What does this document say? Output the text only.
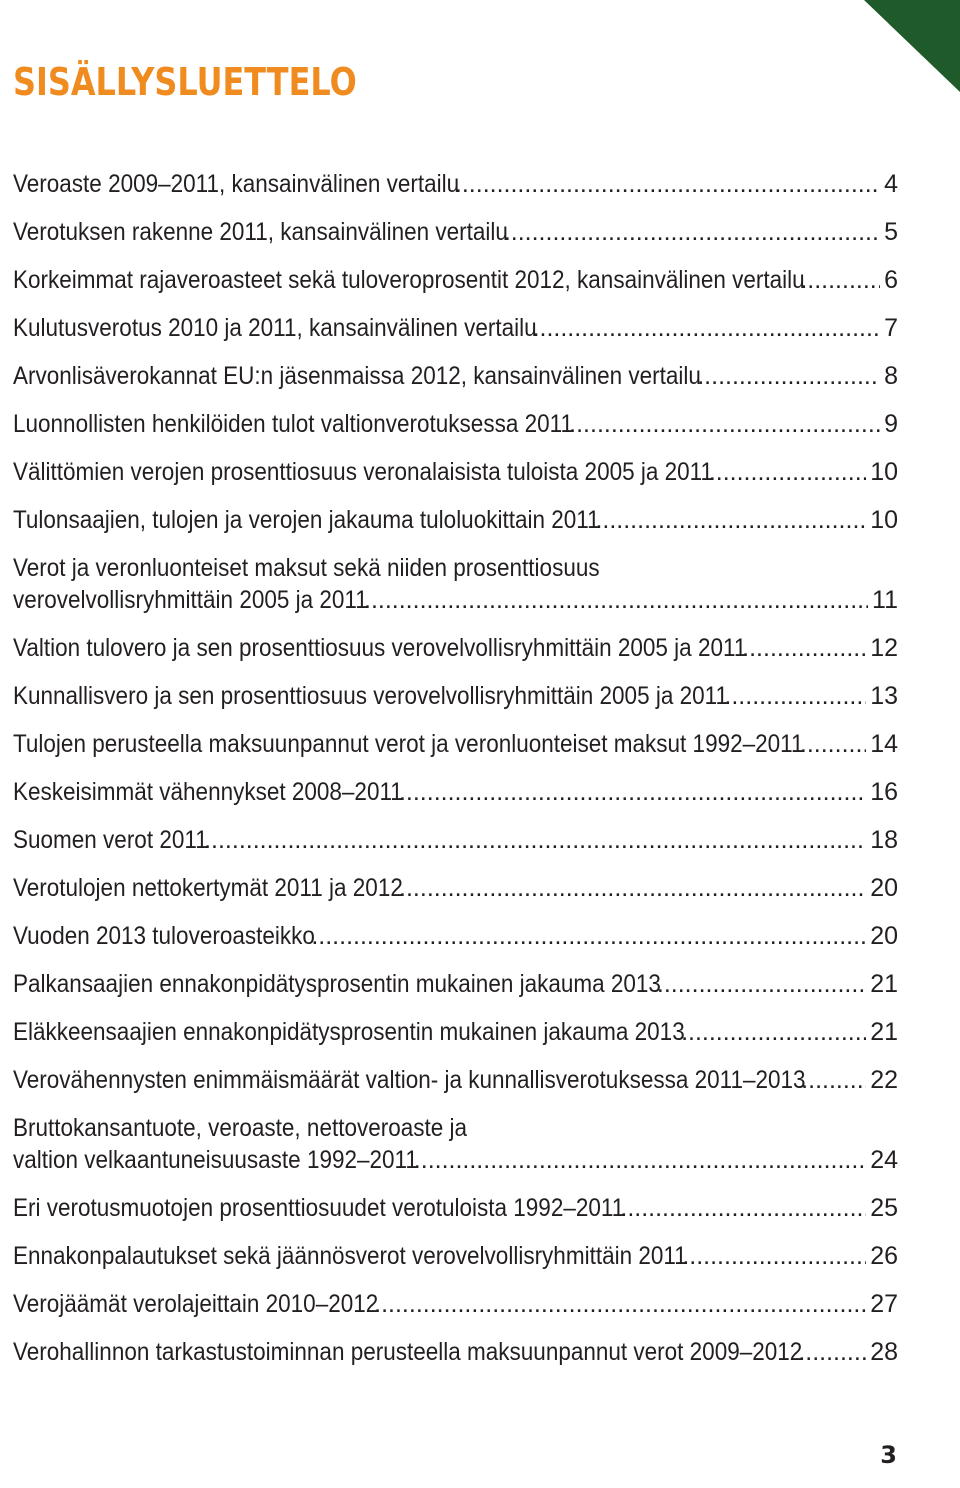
SISÄLLYSLUETTELO
Veroaste 2009–2011, kansainvälinen vertailu .....	4
Verotuksen rakenne 2011, kansainvälinen vertailu .....	5
Korkeimmat rajaveroasteet sekä tuloveroprosentit 2012, kansainvälinen vertailu .....	6
Kulutusverotus 2010 ja 2011, kansainvälinen vertailu .....	7
Arvonlisäverokannat EU:n jäsenmaissa 2012, kansainvälinen vertailu .....	8
Luonnollisten henkilöiden tulot valtionverotuksessa 2011 .....	9
Välittömien verojen prosenttiosuus veronalaisista tuloista 2005 ja 2011 .....	10
Tulonsaajien, tulojen ja verojen jakauma tuloluokittain 2011 .....	10
Verot ja veronluonteiset maksut sekä niiden prosenttiosuus
verovelvollisryhmittäin 2005 ja 2011 .....	11
Valtion tulovero ja sen prosenttiosuus verovelvollisryhmittäin 2005 ja 2011 .....	12
Kunnallisvero ja sen prosenttiosuus verovelvollisryhmittäin 2005 ja 2011 .....	13
Tulojen perusteella maksuunpannut verot ja veronluonteiset maksut 1992–2011 .....	14
Keskeisimmät vähennykset 2008–2011 .....	16
Suomen verot 2011 .....	18
Verotulojen nettokertymät 2011 ja 2012 .....	20
Vuoden 2013 tuloveroasteikko .....	20
Palkansaajien ennakonpidätysprosentin mukainen jakauma 2013 .....	21
Eläkkeensaajien ennakonpidätysprosentin mukainen jakauma 2013 .....	21
Verovähennysten enimmäismäärät valtion- ja kunnallisverotuksessa 2011–2013 .....	22
Bruttokansantuote, veroaste, nettoveroaste ja
valtion velkaantuneisuusaste 1992–2011 .....	24
Eri verotusmuotojen prosenttiosuudet verotuloista 1992–2011 .....	25
Ennakonpalautukset sekä jäännösverot verovelvollisryhmittäin 2011 .....	26
Verojäämät verolajeittain 2010–2012 .....	27
Verohallinnon tarkastustoiminnan perusteella maksuunpannut verot 2009–2012 .....	28
3
